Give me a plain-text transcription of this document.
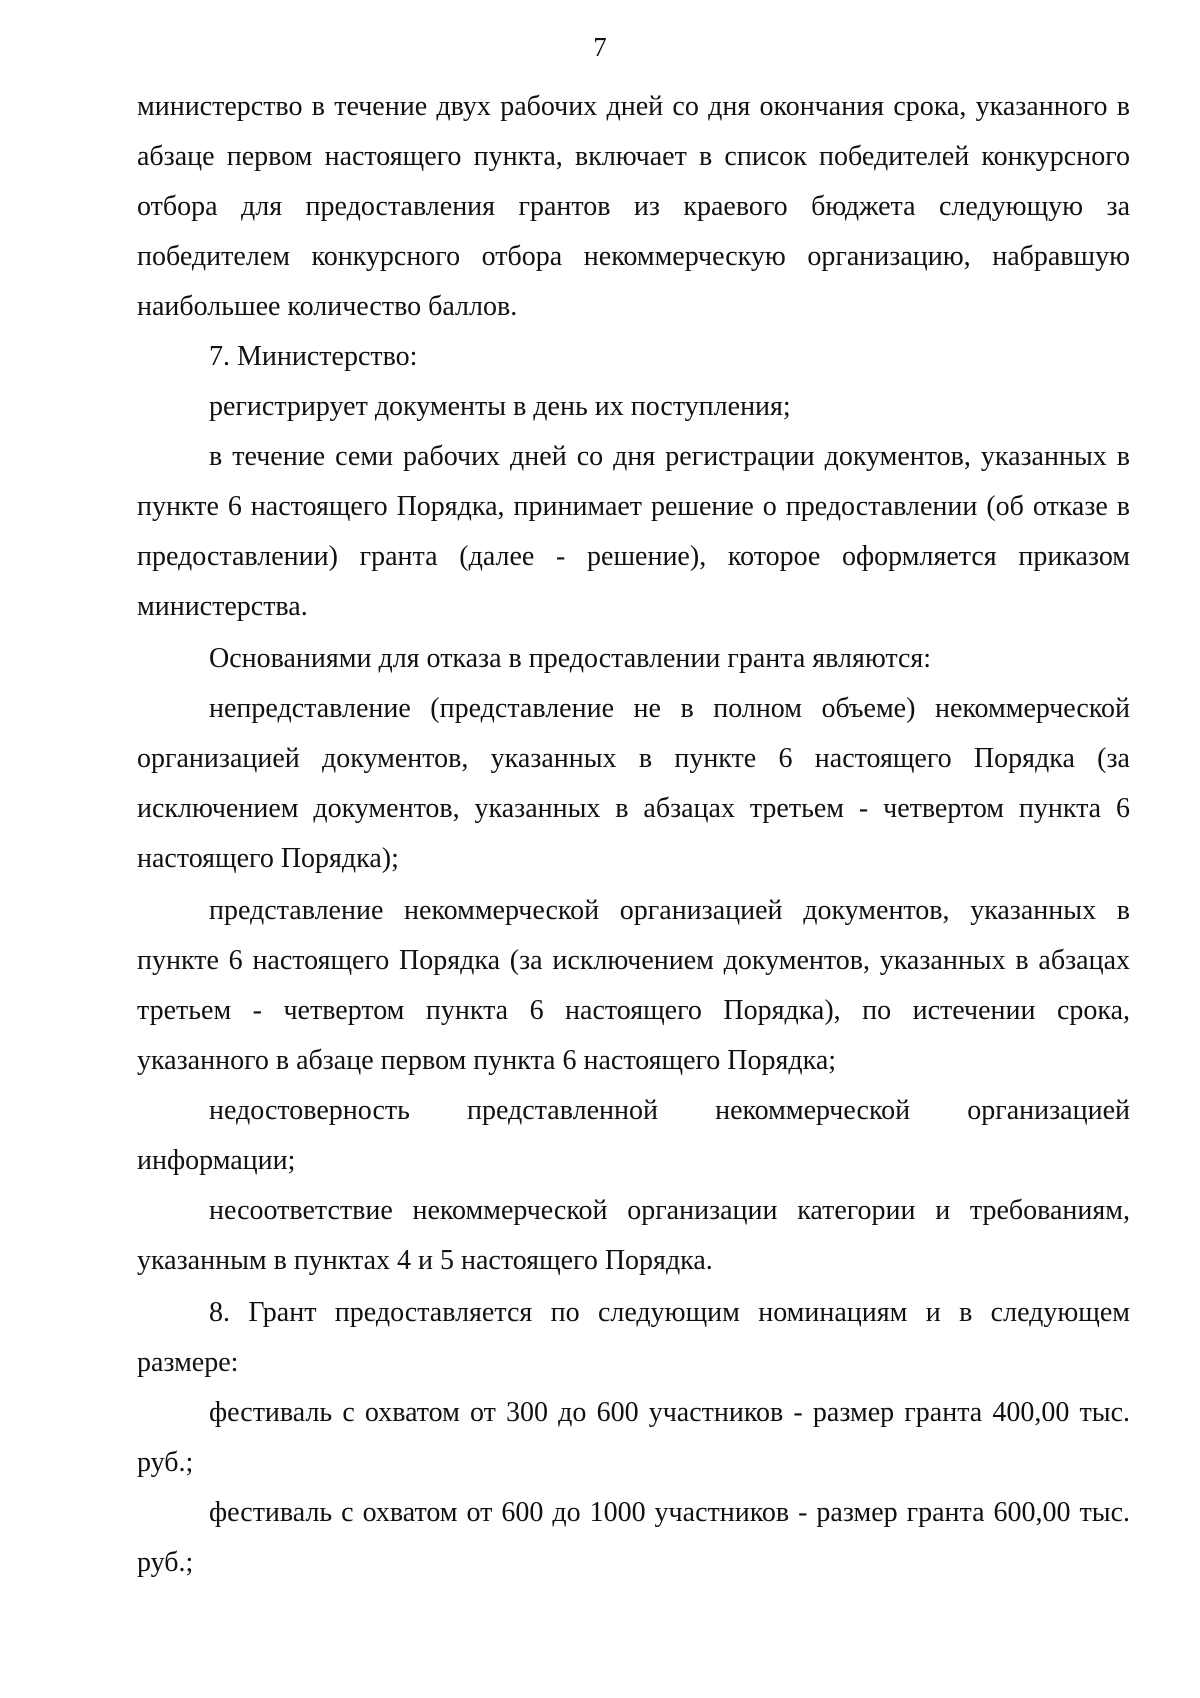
7

министерство в течение двух рабочих дней со дня окончания срока, указанного в абзаце первом настоящего пункта, включает в список победителей конкурсного отбора для предоставления грантов из краевого бюджета следующую за победителем конкурсного отбора некоммерческую организацию, набравшую наибольшее количество баллов.

7. Министерство:

регистрирует документы в день их поступления;

в течение семи рабочих дней со дня регистрации документов, указанных в пункте 6 настоящего Порядка, принимает решение о предоставлении (об отказе в предоставлении) гранта (далее - решение), которое оформляется приказом министерства.

Основаниями для отказа в предоставлении гранта являются:

непредставление (представление не в полном объеме) некоммерческой организацией документов, указанных в пункте 6 настоящего Порядка (за исключением документов, указанных в абзацах третьем - четвертом пункта 6 настоящего Порядка);

представление некоммерческой организацией документов, указанных в пункте 6 настоящего Порядка (за исключением документов, указанных в абзацах третьем - четвертом пункта 6 настоящего Порядка), по истечении срока, указанного в абзаце первом пункта 6 настоящего Порядка;

недостоверность представленной некоммерческой организацией информации;

несоответствие некоммерческой организации категории и требованиям, указанным в пунктах 4 и 5 настоящего Порядка.

8. Грант предоставляется по следующим номинациям и в следующем размере:

фестиваль с охватом от 300 до 600 участников - размер гранта 400,00 тыс. руб.;

фестиваль с охватом от 600 до 1000 участников - размер гранта 600,00 тыс. руб.;
